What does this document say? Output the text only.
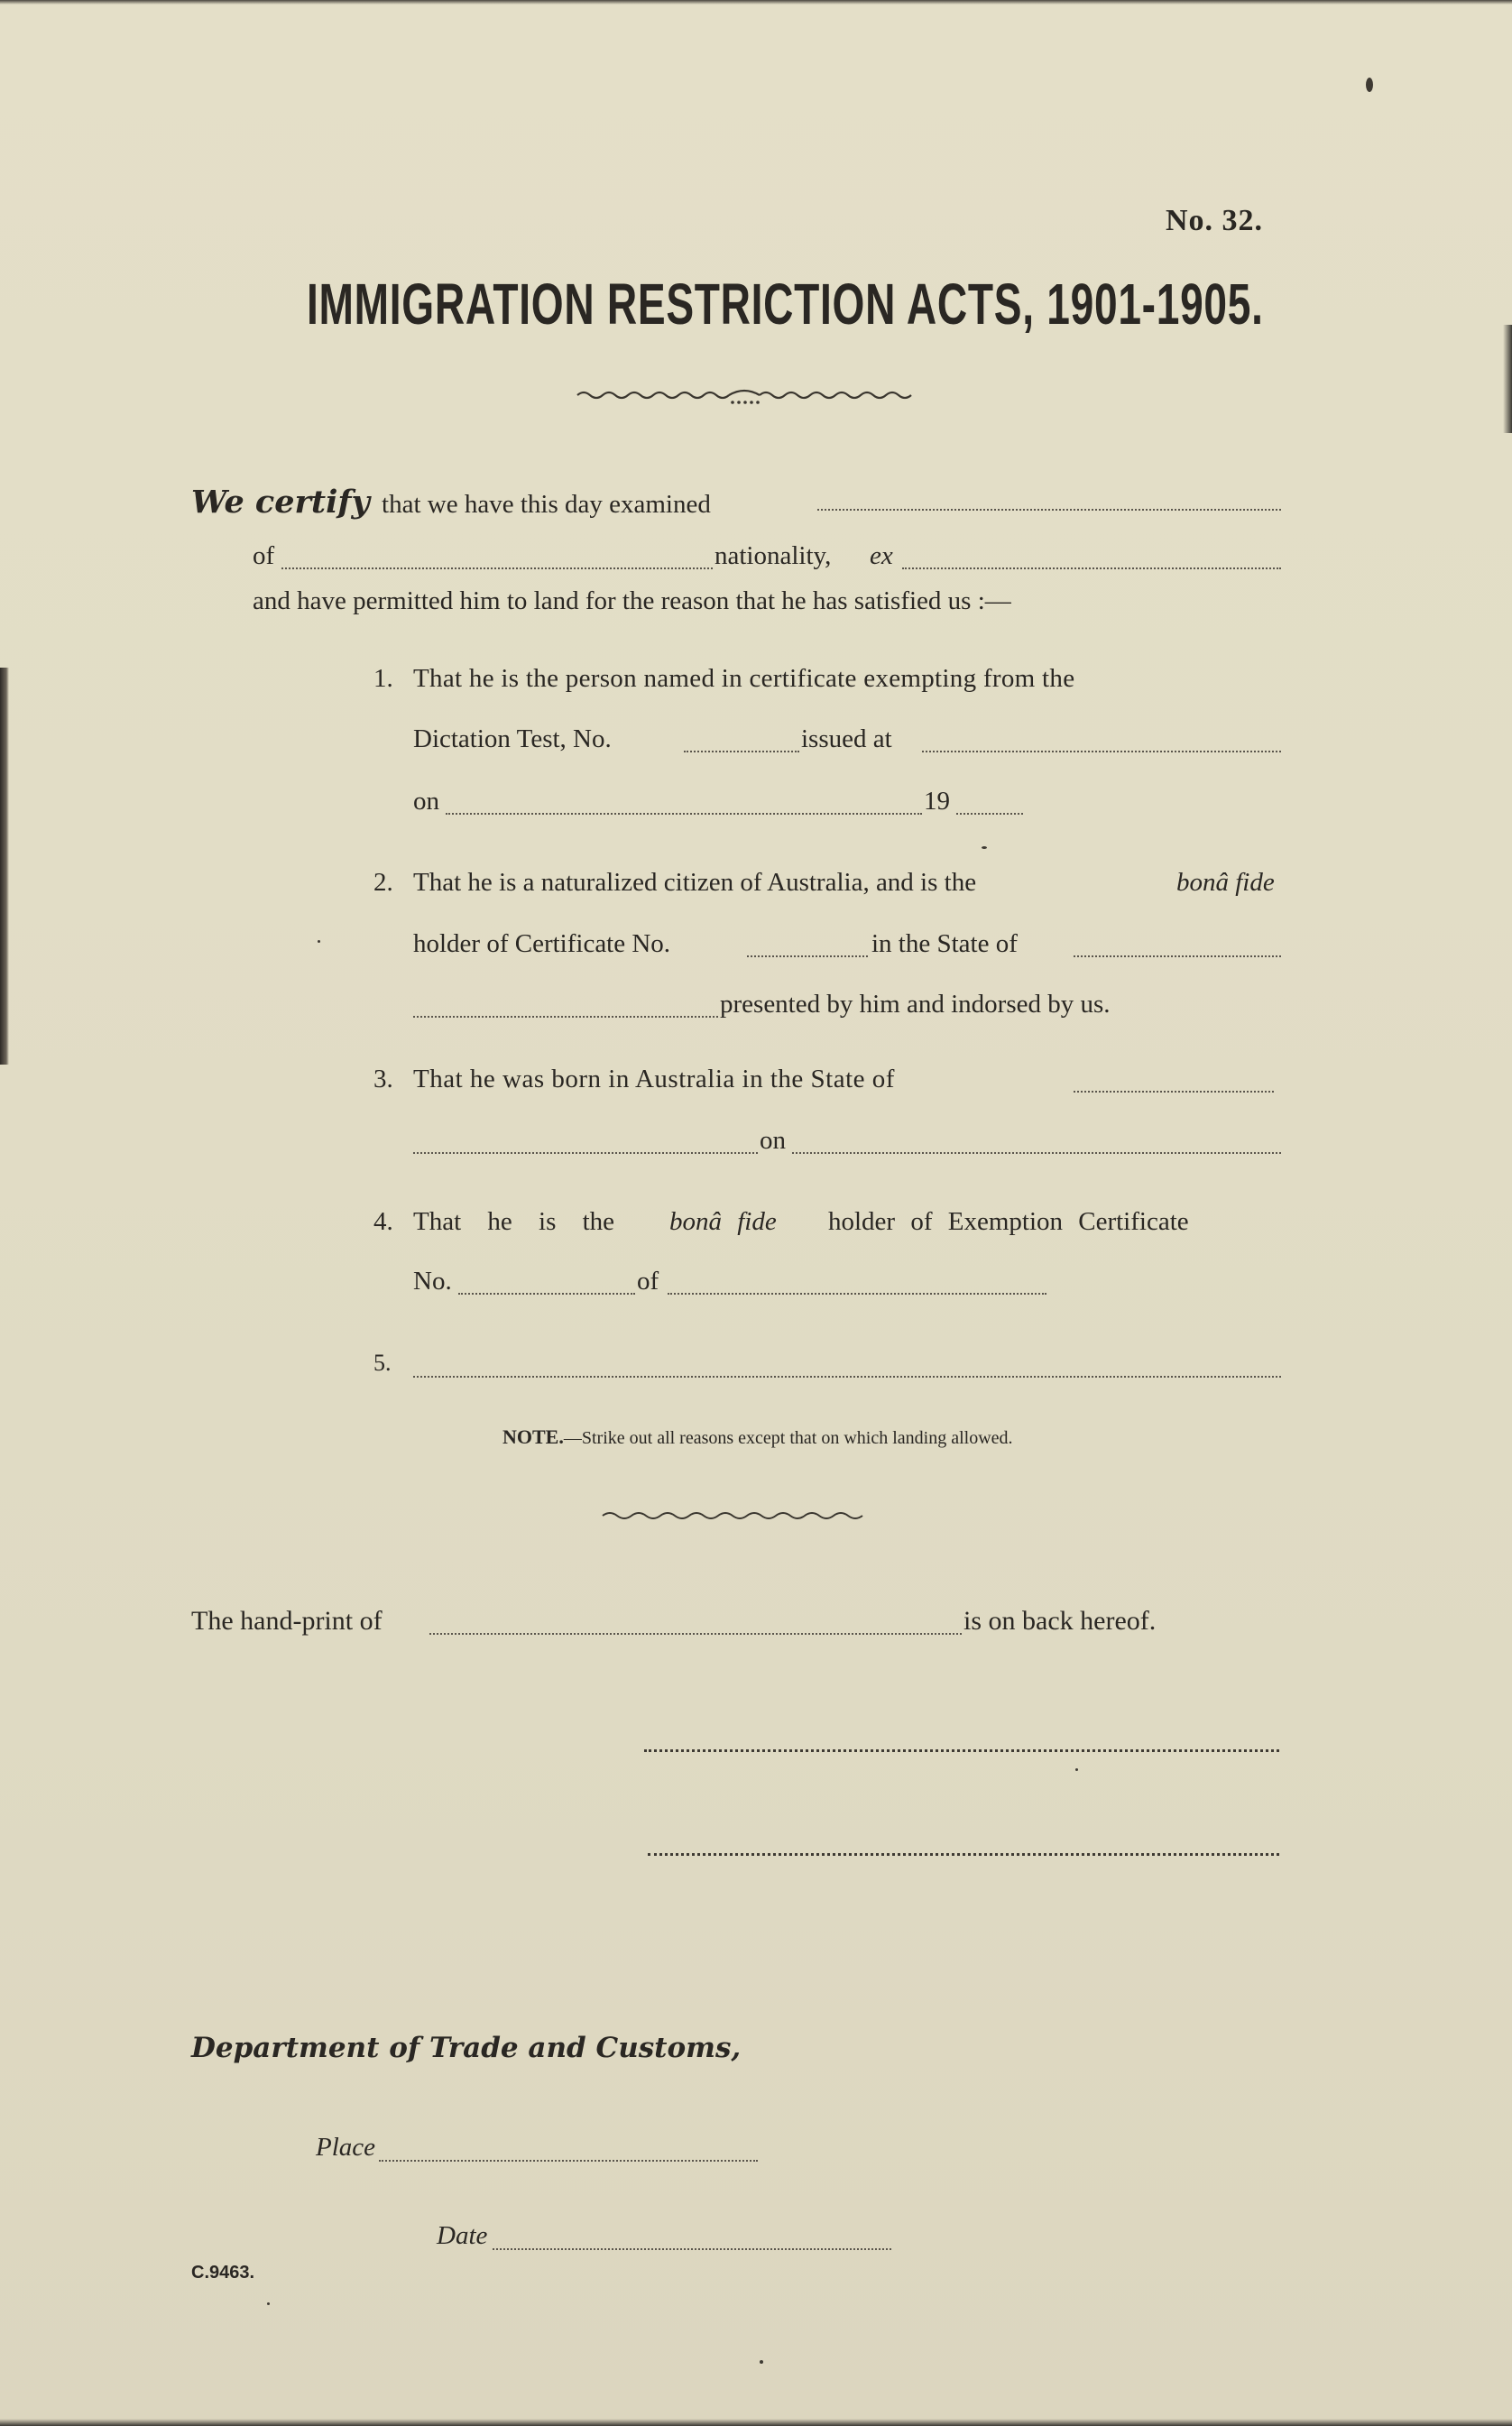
No. 32.
IMMIGRATION RESTRICTION ACTS, 1901-1905.
We certify that we have this day examined
of	nationality, ex
and have permitted him to land for the reason that he has satisfied us :—
1. That he is the person named in certificate exempting from the
Dictation Test, No.	issued at
on	19
2. That he is a naturalized citizen of Australia, and is the	bonâ fide
holder of Certificate No.	in the State of
presented by him and indorsed by us.
3. That he was born in Australia in the State of
on
4. That he is the bonâ fide holder of Exemption Certificate
No.	of
5.
NOTE.—Strike out all reasons except that on which landing allowed.
The hand-print of	is on back hereof.
Department of Trade and Customs,
Place
Date
C.9463.
